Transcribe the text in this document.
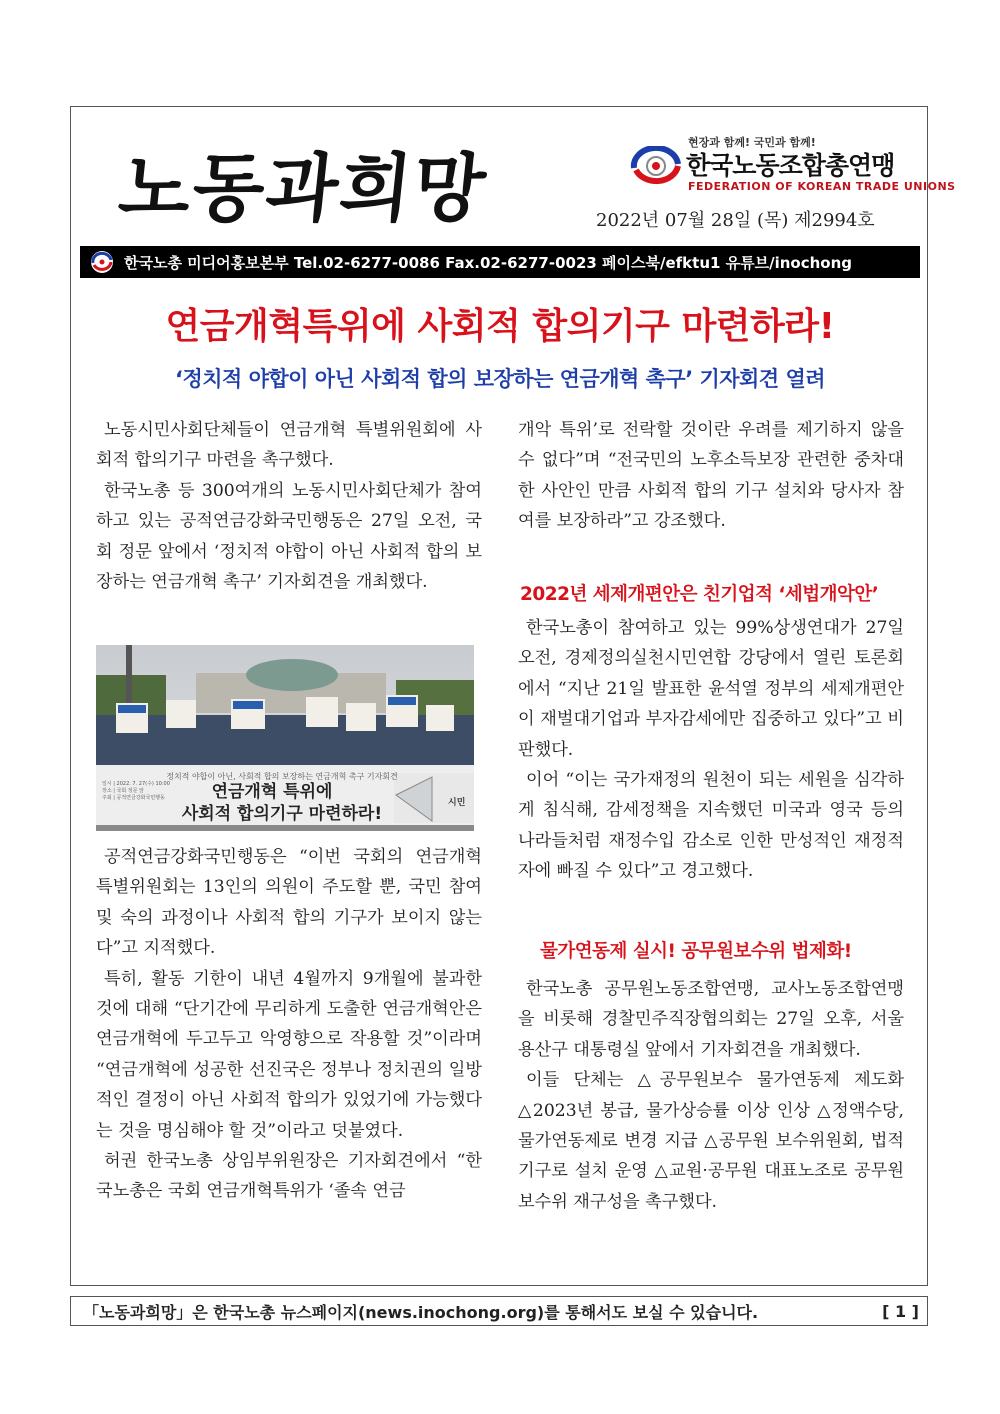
노동과희망
현장과 함께! 국민과 함께!
한국노동조합총연맹
FEDERATION OF KOREAN TRADE UNIONS
2022년 07월 28일 (목) 제2994호
한국노총 미디어홍보본부 Tel.02-6277-0086 Fax.02-6277-0023 페이스북/efktu1 유튜브/inochong
연금개혁특위에 사회적 합의기구 마련하라!
‘정치적 야합이 아닌 사회적 합의 보장하는 연금개혁 촉구’ 기자회견 열려

노동시민사회단체들이 연금개혁 특별위원회에 사회적 합의기구 마련을 촉구했다.

한국노총 등 300여개의 노동시민사회단체가 참여하고 있는 공적연금강화국민행동은 27일 오전, 국회 정문 앞에서 ‘정치적 야합이 아닌 사회적 합의 보장하는 연금개혁 촉구’ 기자회견을 개최했다.

정치적 야합이 아닌, 사회적 합의 보장하는 연금개혁 촉구 기자회견
연금개혁 특위에
사회적 합의기구 마련하라!
일시 | 2022. 7. 27(수) 10:00
장소 | 국회 정문 앞
주최 | 공적연금강화국민행동	시민

공적연금강화국민행동은 “이번 국회의 연금개혁 특별위원회는 13인의 의원이 주도할 뿐, 국민 참여 및 숙의 과정이나 사회적 합의 기구가 보이지 않는다”고 지적했다.

특히, 활동 기한이 내년 4월까지 9개월에 불과한 것에 대해 “단기간에 무리하게 도출한 연금개혁안은 연금개혁에 두고두고 악영향으로 작용할 것”이라며 “연금개혁에 성공한 선진국은 정부나 정치권의 일방적인 결정이 아닌 사회적 합의가 있었기에 가능했다는 것을 명심해야 할 것”이라고 덧붙였다.

허권 한국노총 상임부위원장은 기자회견에서 “한국노총은 국회 연금개혁특위가 ‘졸속 연금

개악 특위’로 전락할 것이란 우려를 제기하지 않을 수 없다”며 “전국민의 노후소득보장 관련한 중차대한 사안인 만큼 사회적 합의 기구 설치와 당사자 참여를 보장하라”고 강조했다.

2022년 세제개편안은 친기업적 ‘세법개악안’

한국노총이 참여하고 있는 99%상생연대가 27일 오전, 경제정의실천시민연합 강당에서 열린 토론회에서 “지난 21일 발표한 윤석열 정부의 세제개편안이 재벌대기업과 부자감세에만 집중하고 있다”고 비판했다.

이어 “이는 국가재정의 원천이 되는 세원을 심각하게 침식해, 감세정책을 지속했던 미국과 영국 등의 나라들처럼 재정수입 감소로 인한 만성적인 재정적자에 빠질 수 있다”고 경고했다.

물가연동제 실시! 공무원보수위 법제화!

한국노총 공무원노동조합연맹, 교사노동조합연맹을 비롯해 경찰민주직장협의회는 27일 오후, 서울 용산구 대통령실 앞에서 기자회견을 개최했다.

이들 단체는 △공무원보수 물가연동제 제도화 △2023년 봉급, 물가상승률 이상 인상 △정액수당, 물가연동제로 변경 지급 △공무원 보수위원회, 법적 기구로 설치 운영 △교원·공무원 대표노조로 공무원보수위 재구성을 촉구했다.

「노동과희망」은 한국노총 뉴스페이지(news.inochong.org)를 통해서도 보실 수 있습니다.	[ 1 ]
